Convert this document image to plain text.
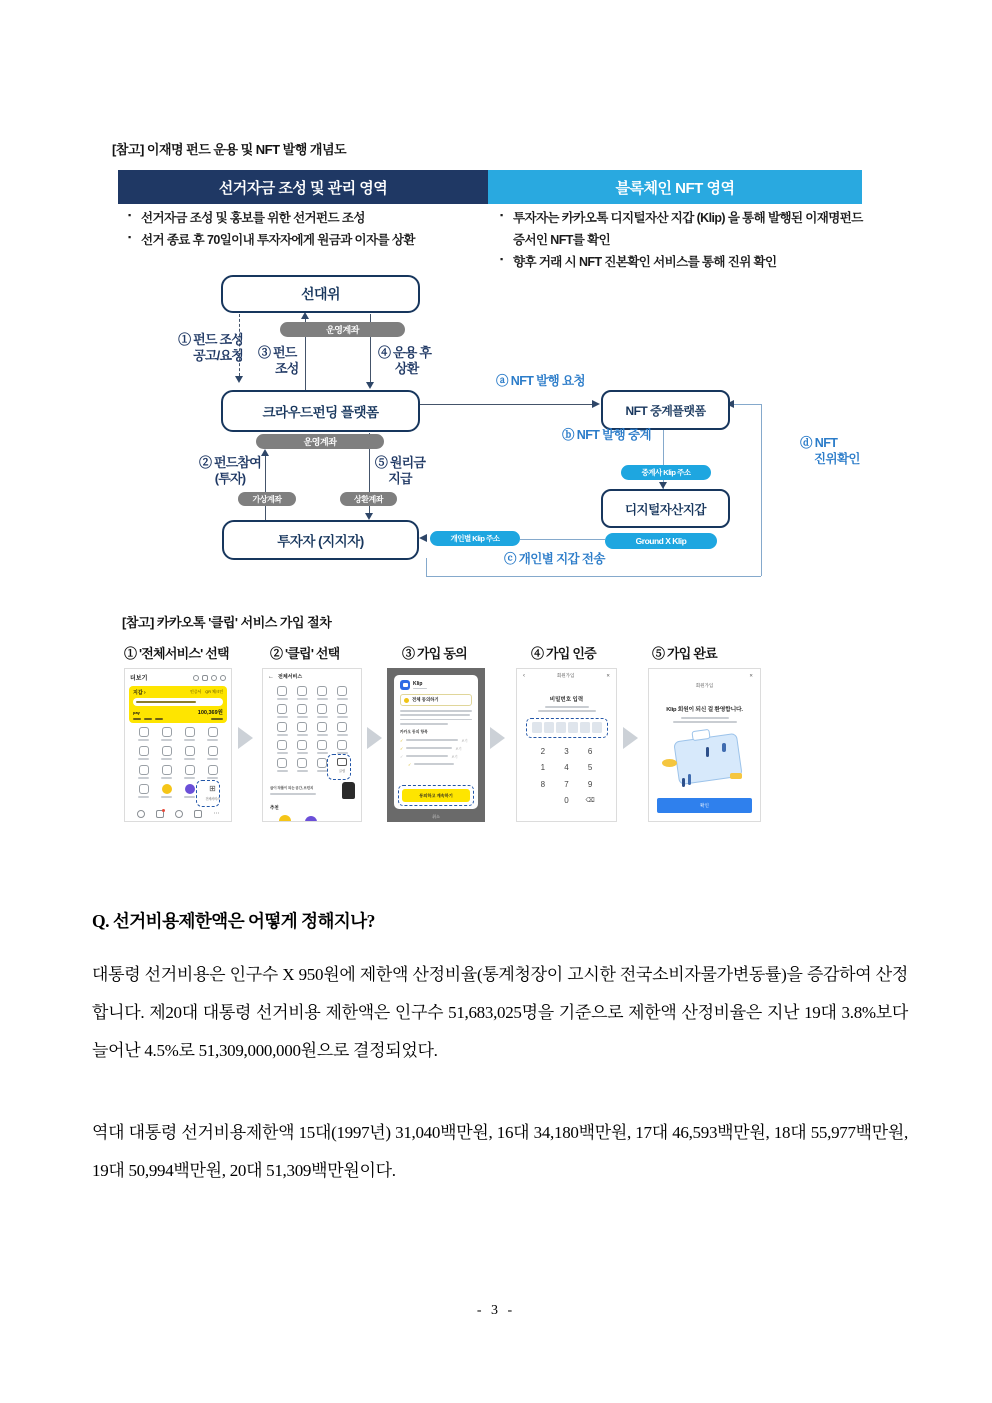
[참고] 이재명 펀드 운용 및 NFT 발행 개념도
선거자금 조성 및 관리 영역	블록체인 NFT 영역
▪ 선거자금 조성 및 홍보를 위한 선거펀드 조성
▪ 선거 종료 후 70일이내 투자자에게 원금과 이자를 상환
▪ 투자자는 카카오톡 디지털자산 지갑 (Klip) 을 통해 발행된 이재명펀드 증서인 NFT를 확인
▪ 향후 거래 시 NFT 진본확인 서비스를 통해 진위 확인
선대위
크라우드펀딩 플랫폼
투자자 (지지자)
NFT 중계플랫폼
디지털자산지갑
운영계좌
운영계좌
가상계좌	상환계좌
중계사 Klip 주소
Ground X Klip
개인별 Klip 주소
① 펀드 조성
공고/요청 ③ 펀드
조성
④ 운용 후
상환
② 펀드참여
(투자)
⑤ 원리금
지급
ⓐ NFT 발행 요청
ⓑ NFT 발행 중계
ⓒ 개인별 지갑 전송
ⓓ NFT
진위확인
[참고] 카카오톡 '클립' 서비스 가입 절차
① '전체서비스' 선택	② '클립' 선택	③ 가입 동의	④ 가입 인증	⑤ 가입 완료
더보기
지갑 ›	인증서 QR 체크인
pay	100,369원
⊞
전체서비스
⋯
← 전체서비스
클립
글이 작품이 되는 공간, 브런치
추천
Klip
전체 동의하기
카카오 동의 항목
✓	보기
✓	보기
✓	보기
✓
동의하고 계속하기
취소
‹	회원가입	✕
비밀번호 입력
2	3	6
1	4	5
8	7	9
0	⌫
회원가입
✕
Klip 회원이 되신 걸 환영합니다.
확인
Q. 선거비용제한액은 어떻게 정해지나?
대통령 선거비용은 인구수 X 950원에 제한액 산정비율(통계청장이 고시한 전국소비자물가변동률)을 증감하여 산정합니다. 제20대 대통령 선거비용 제한액은 인구수 51,683,025명을 기준으로 제한액 산정비율은 지난 19대 3.8%보다 늘어난 4.5%로 51,309,000,000원으로 결정되었다.
역대 대통령 선거비용제한액 15대(1997년) 31,040백만원, 16대 34,180백만원, 17대 46,593백만원, 18대 55,977백만원, 19대 50,994백만원, 20대 51,309백만원이다.
- 3 -
